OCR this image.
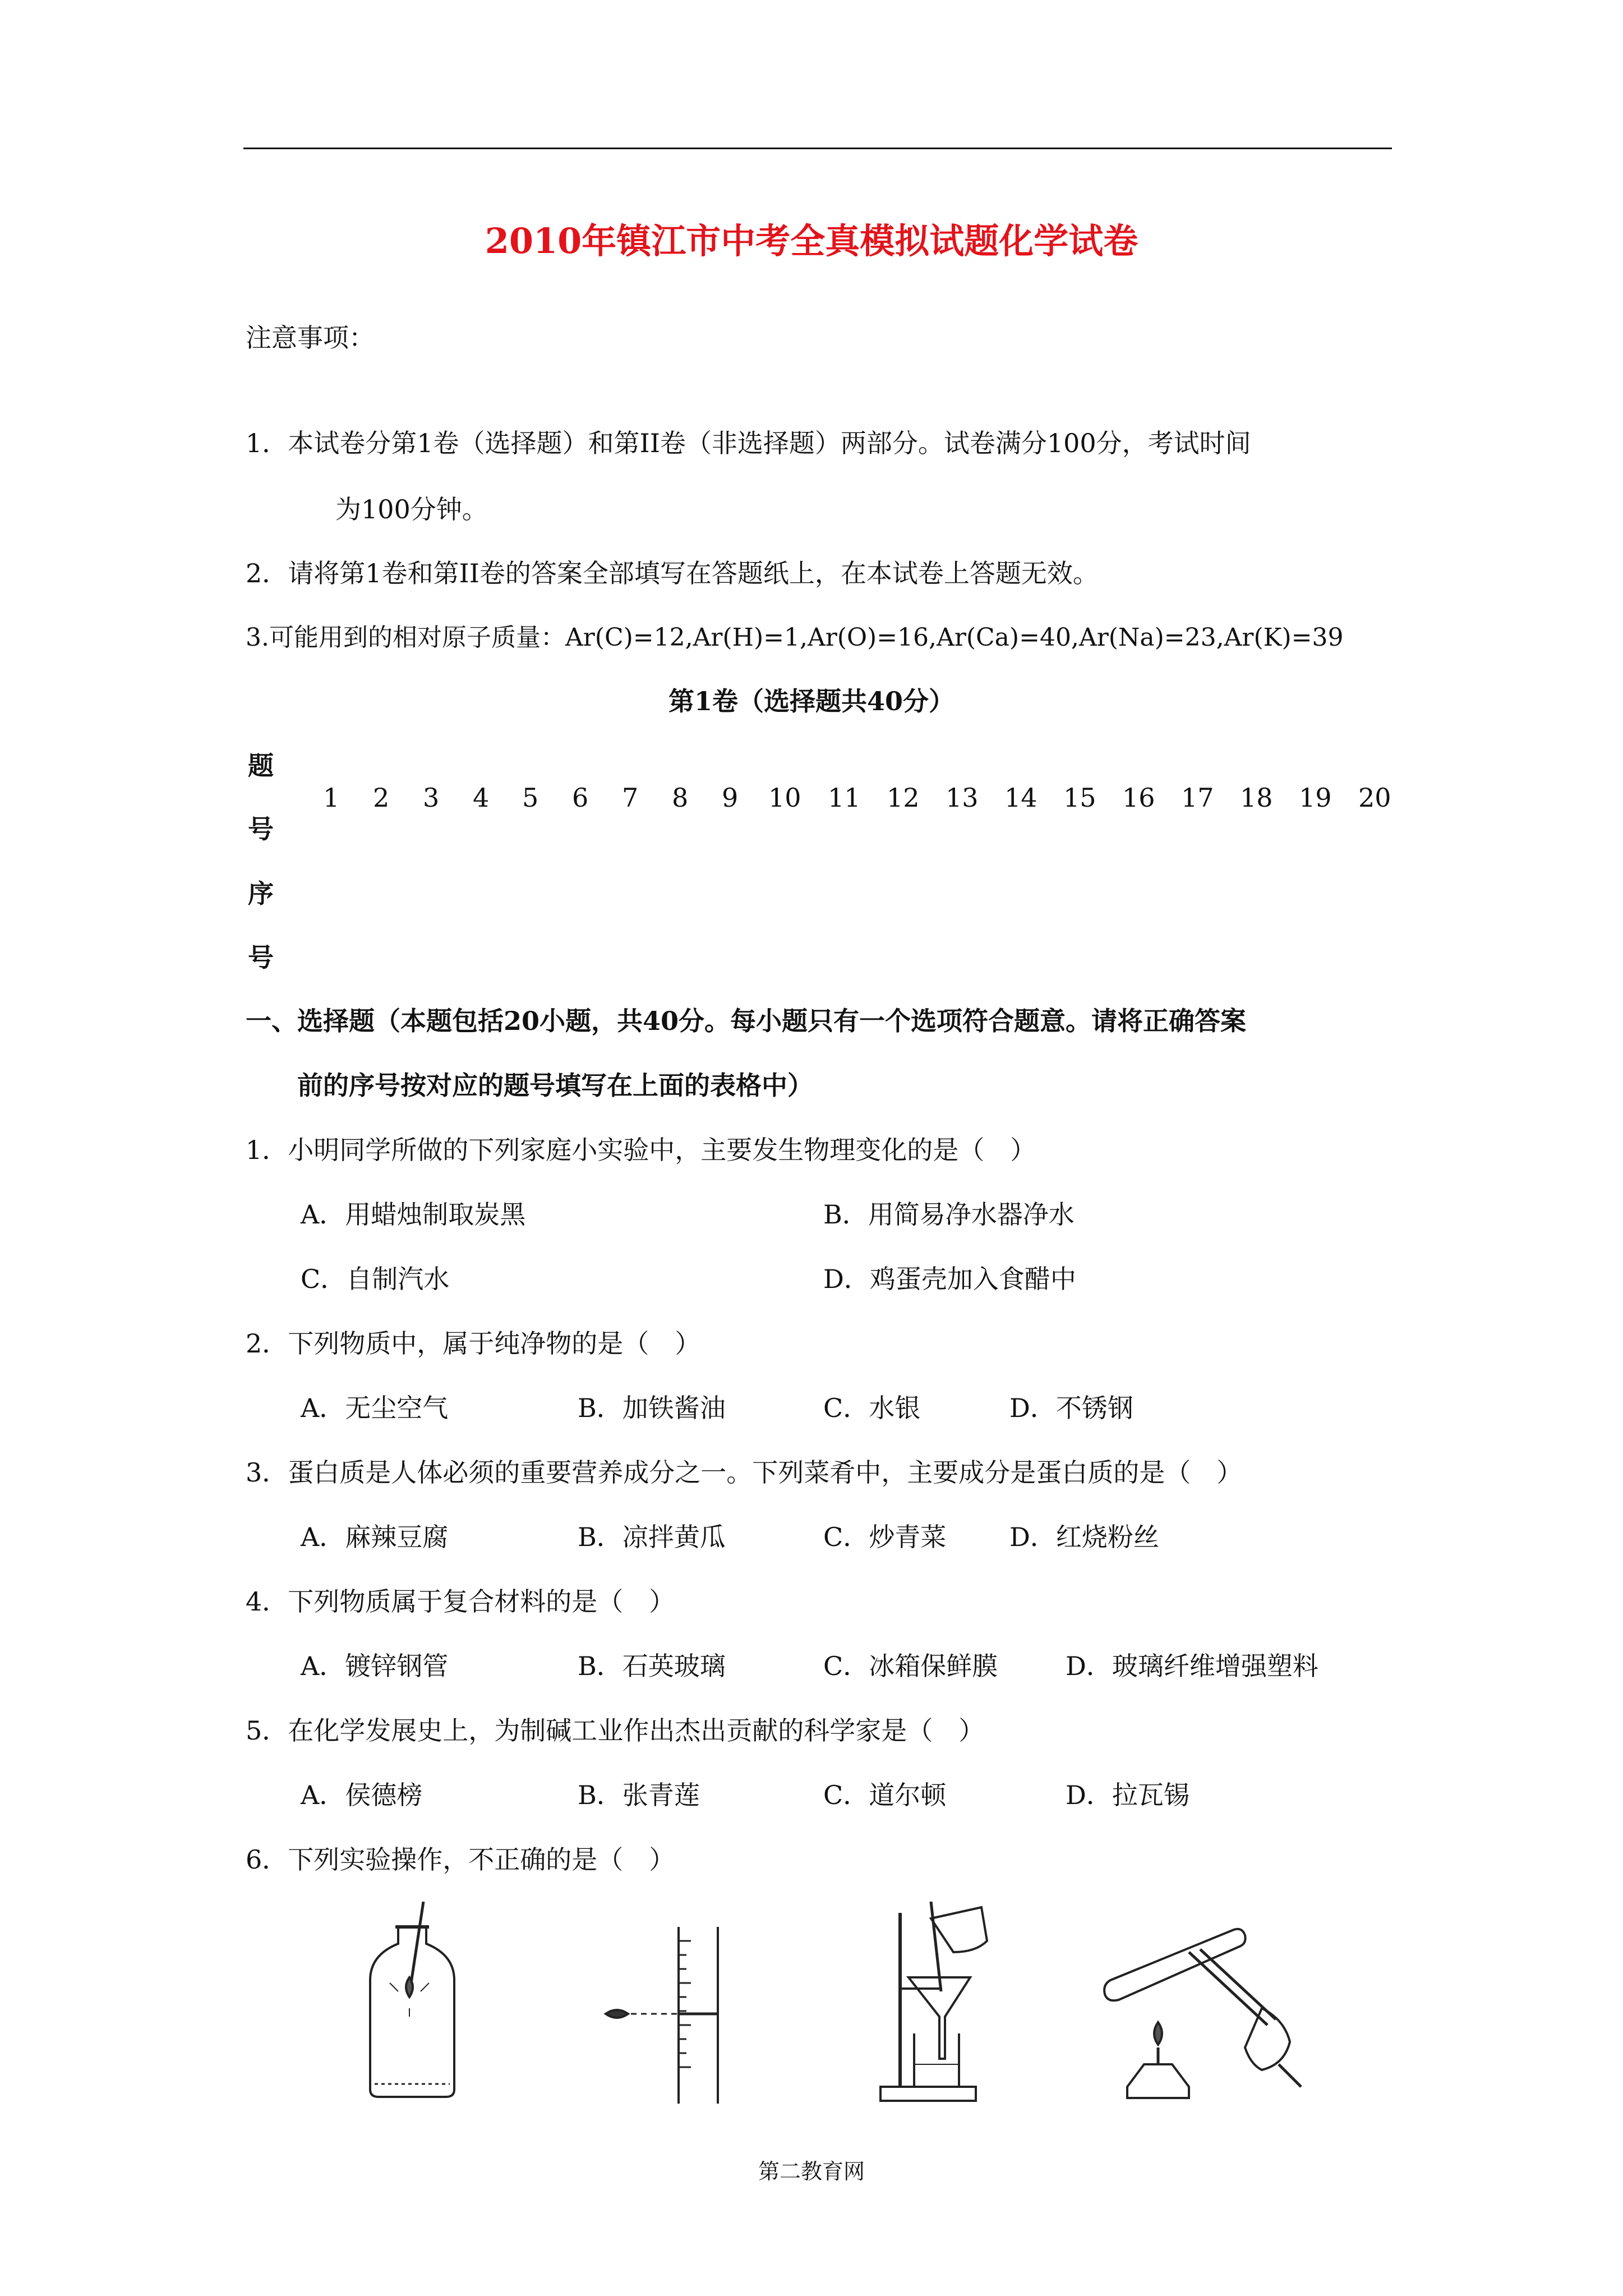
2010年镇江市中考全真模拟试题化学试卷
注意事项：
1．本试卷分第1卷（选择题）和第II卷（非选择题）两部分。试卷满分100分，考试时间
为100分钟。
2．请将第1卷和第II卷的答案全部填写在答题纸上，在本试卷上答题无效。
3.可能用到的相对原子质量：Ar(C)=12,Ar(H)=1,Ar(O)=16,Ar(Ca)=40,Ar(Na)=23,Ar(K)=39
第1卷（选择题共40分）
题
号
序
号
1 2 3 4 5 6 7 8 9 10 11 12 13 14 15 16 17 18 19 20
一、选择题（本题包括20小题，共40分。每小题只有一个选项符合题意。请将正确答案
前的序号按对应的题号填写在上面的表格中）
1．小明同学所做的下列家庭小实验中，主要发生物理变化的是（　）
A．用蜡烛制取炭黑	B．用简易净水器净水
C．自制汽水	D．鸡蛋壳加入食醋中
2．下列物质中，属于纯净物的是（　）
A．无尘空气	B．加铁酱油	C．水银	D．不锈钢
3．蛋白质是人体必须的重要营养成分之一。下列菜肴中，主要成分是蛋白质的是（　）
A．麻辣豆腐	B．凉拌黄瓜	C．炒青菜 D．红烧粉丝
4．下列物质属于复合材料的是（　）
A．镀锌钢管	B．石英玻璃	C．冰箱保鲜膜	D．玻璃纤维增强塑料
5．在化学发展史上，为制碱工业作出杰出贡献的科学家是（　）
A．侯德榜	B．张青莲	C．道尔顿	D．拉瓦锡
6．下列实验操作，不正确的是（　）
第二教育网
